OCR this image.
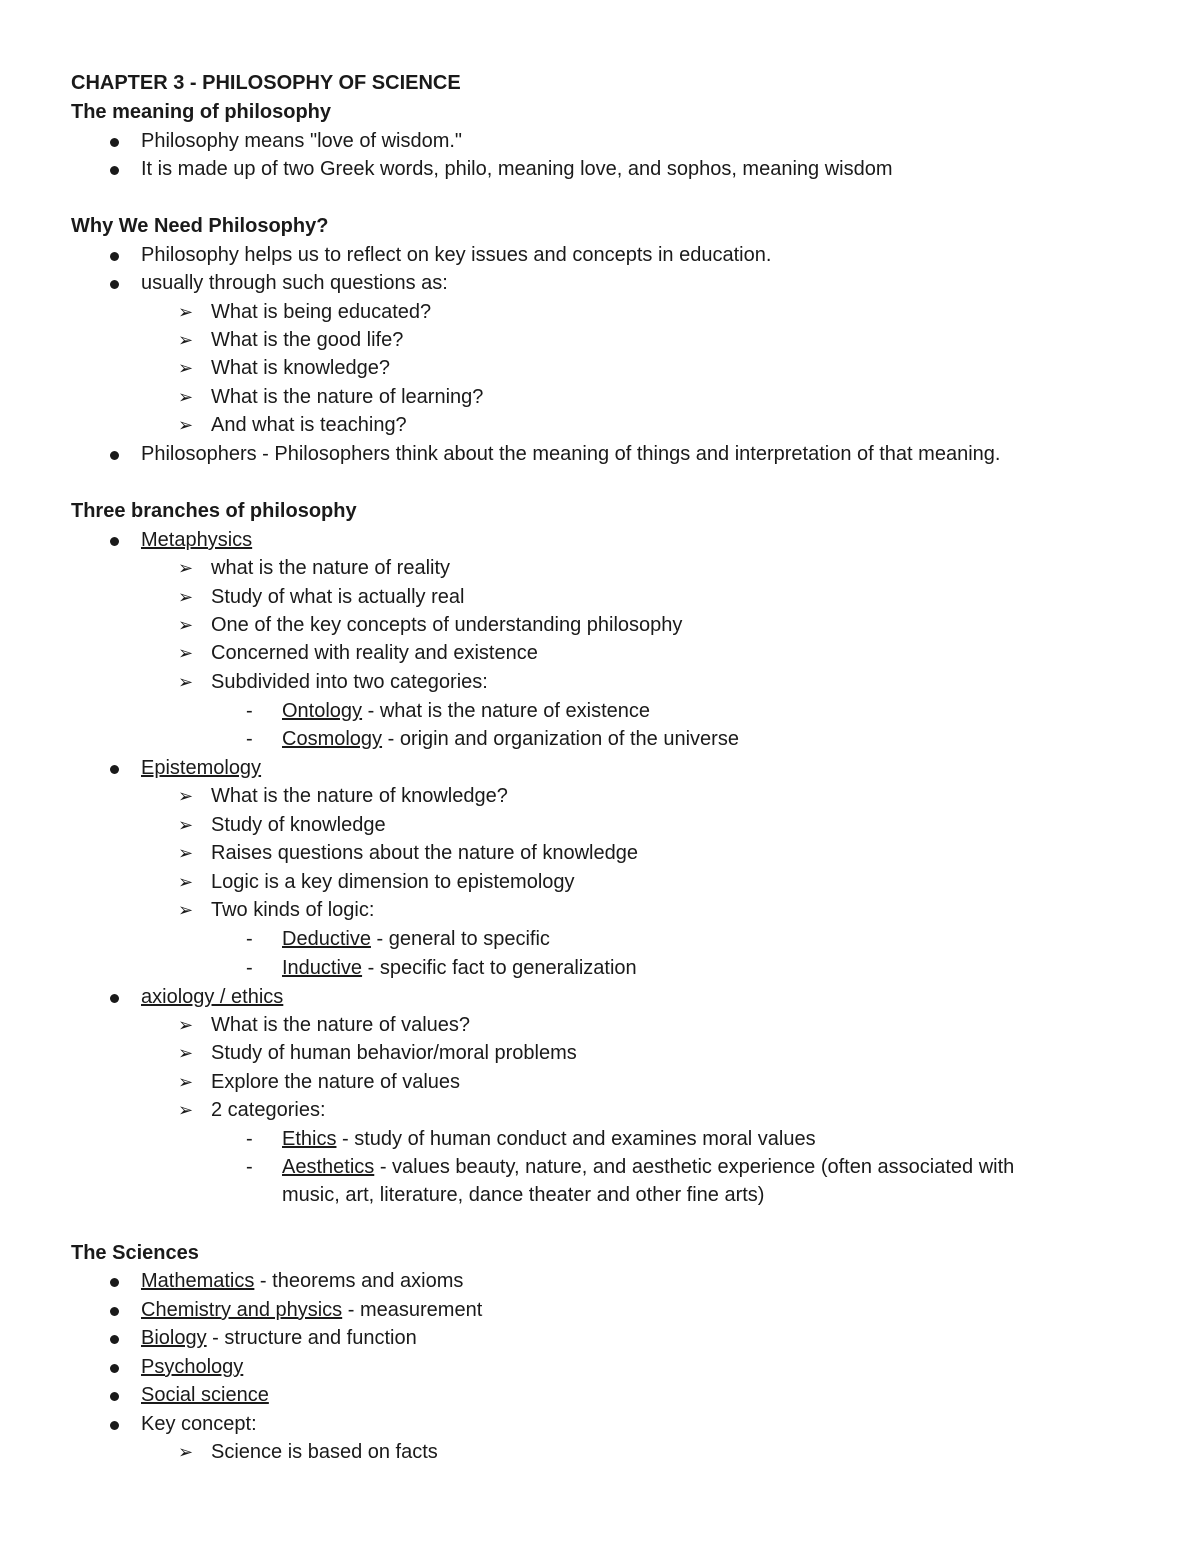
CHAPTER 3 - PHILOSOPHY OF SCIENCE
The meaning of philosophy
Philosophy means "love of wisdom."
It is made up of two Greek words, philo, meaning love, and sophos, meaning wisdom
Why We Need Philosophy?
Philosophy helps us to reflect on key issues and concepts in education.
usually through such questions as:
➢ What is being educated?
➢ What is the good life?
➢ What is knowledge?
➢ What is the nature of learning?
➢ And what is teaching?
Philosophers - Philosophers think about the meaning of things and interpretation of that meaning.
Three branches of philosophy
Metaphysics
➢ what is the nature of reality
➢ Study of what is actually real
➢ One of the key concepts of understanding philosophy
➢ Concerned with reality and existence
➢ Subdivided into two categories:
- Ontology - what is the nature of existence
- Cosmology - origin and organization of the universe
Epistemology
➢ What is the nature of knowledge?
➢ Study of knowledge
➢ Raises questions about the nature of knowledge
➢ Logic is a key dimension to epistemology
➢ Two kinds of logic:
- Deductive - general to specific
- Inductive - specific fact to generalization
axiology / ethics
➢ What is the nature of values?
➢ Study of human behavior/moral problems
➢ Explore the nature of values
➢ 2 categories:
- Ethics - study of human conduct and examines moral values
- Aesthetics - values beauty, nature, and aesthetic experience (often associated with
music, art, literature, dance theater and other fine arts)
The Sciences
Mathematics - theorems and axioms
Chemistry and physics - measurement
Biology - structure and function
Psychology
Social science
Key concept:
➢ Science is based on facts
